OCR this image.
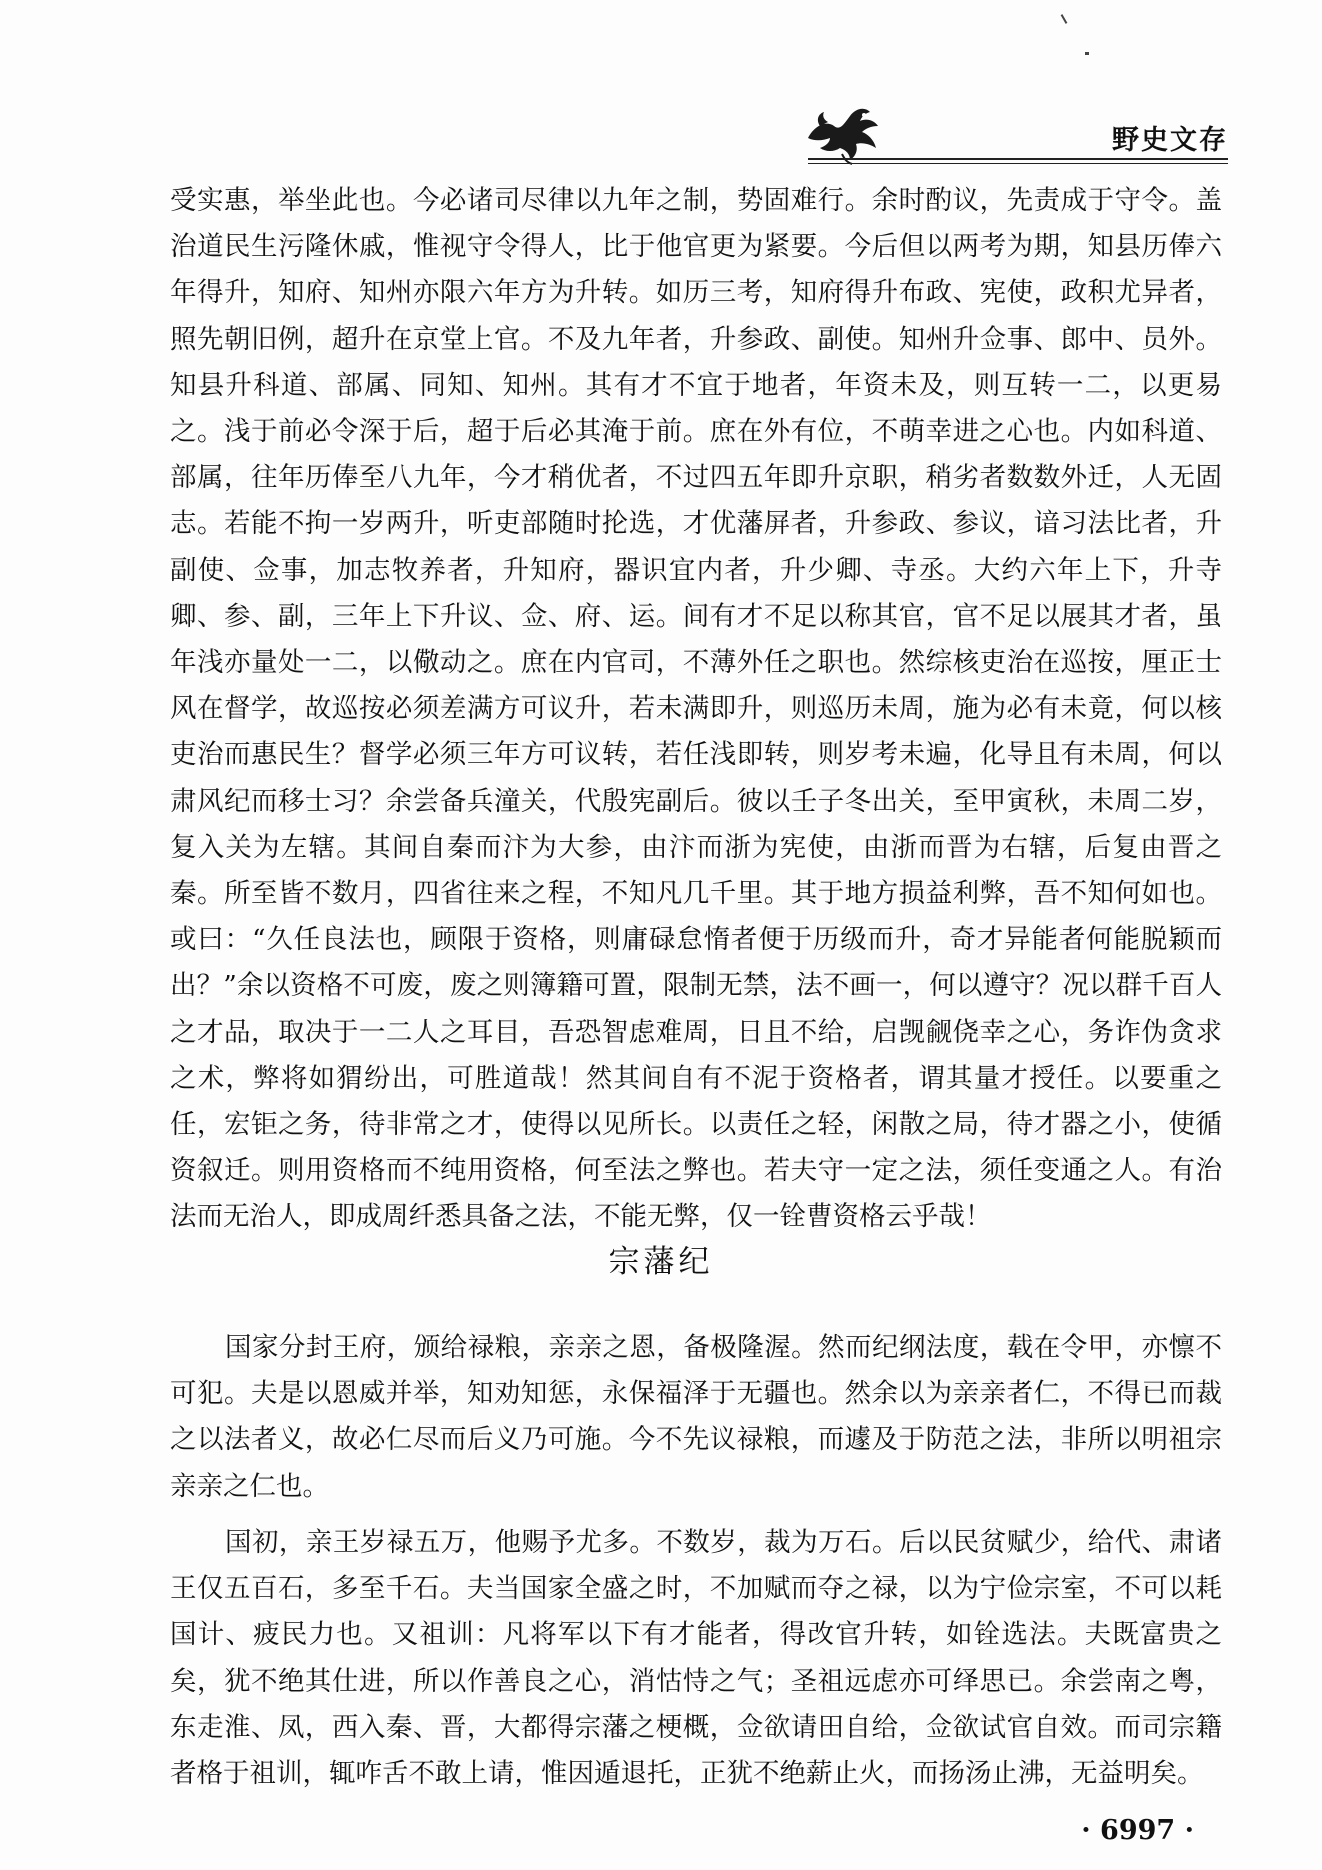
野史文存

受实惠，举坐此也。今必诸司尽律以九年之制，势固难行。余时酌议，先责成于守令。盖治道民生污隆休戚，惟视守令得人，比于他官更为紧要。今后但以两考为期，知县历俸六年得升，知府、知州亦限六年方为升转。如历三考，知府得升布政、宪使，政积尤异者，照先朝旧例，超升在京堂上官。不及九年者，升参政、副使。知州升佥事、郎中、员外。知县升科道、部属、同知、知州。其有才不宜于地者，年资未及，则互转一二，以更易之。浅于前必令深于后，超于后必其淹于前。庶在外有位，不萌幸进之心也。内如科道、部属，往年历俸至八九年，今才稍优者，不过四五年即升京职，稍劣者数数外迁，人无固志。若能不拘一岁两升，听吏部随时抡选，才优藩屏者，升参政、参议，谙习法比者，升副使、佥事，加志牧养者，升知府，器识宜内者，升少卿、寺丞。大约六年上下，升寺卿、参、副，三年上下升议、佥、府、运。间有才不足以称其官，官不足以展其才者，虽年浅亦量处一二，以儆动之。庶在内官司，不薄外任之职也。然综核吏治在巡按，厘正士风在督学，故巡按必须差满方可议升，若未满即升，则巡历未周，施为必有未竟，何以核吏治而惠民生？督学必须三年方可议转，若任浅即转，则岁考未遍，化导且有未周，何以肃风纪而移士习？余尝备兵潼关，代殷宪副后。彼以壬子冬出关，至甲寅秋，未周二岁，复入关为左辖。其间自秦而汴为大参，由汴而浙为宪使，由浙而晋为右辖，后复由晋之秦。所至皆不数月，四省往来之程，不知凡几千里。其于地方损益利弊，吾不知何如也。或曰：“久任良法也，顾限于资格，则庸碌怠惰者便于历级而升，奇才异能者何能脱颖而出？”余以资格不可废，废之则簿籍可置，限制无禁，法不画一，何以遵守？况以群千百人之才品，取决于一二人之耳目，吾恐智虑难周，日且不给，启觊觎侥幸之心，务诈伪贪求之术，弊将如猬纷出，可胜道哉！然其间自有不泥于资格者，谓其量才授任。以要重之任，宏钜之务，待非常之才，使得以见所长。以责任之轻，闲散之局，待才器之小，使循资叙迁。则用资格而不纯用资格，何至法之弊也。若夫守一定之法，须任变通之人。有治法而无治人，即成周纤悉具备之法，不能无弊，仅一铨曹资格云乎哉！

宗藩纪

国家分封王府，颁给禄粮，亲亲之恩，备极隆渥。然而纪纲法度，载在令甲，亦懔不可犯。夫是以恩威并举，知劝知惩，永保福泽于无疆也。然余以为亲亲者仁，不得已而裁之以法者义，故必仁尽而后义乃可施。今不先议禄粮，而遽及于防范之法，非所以明祖宗亲亲之仁也。

国初，亲王岁禄五万，他赐予尤多。不数岁，裁为万石。后以民贫赋少，给代、肃诸王仅五百石，多至千石。夫当国家全盛之时，不加赋而夺之禄，以为宁俭宗室，不可以耗国计、疲民力也。又祖训：凡将军以下有才能者，得改官升转，如铨选法。夫既富贵之矣，犹不绝其仕进，所以作善良之心，消怙恃之气；圣祖远虑亦可绎思已。余尝南之粤，东走淮、凤，西入秦、晋，大都得宗藩之梗概，佥欲请田自给，佥欲试官自效。而司宗籍者格于祖训，辄咋舌不敢上请，惟因遁退托，正犹不绝薪止火，而扬汤止沸，无益明矣。

· 6997 ·
